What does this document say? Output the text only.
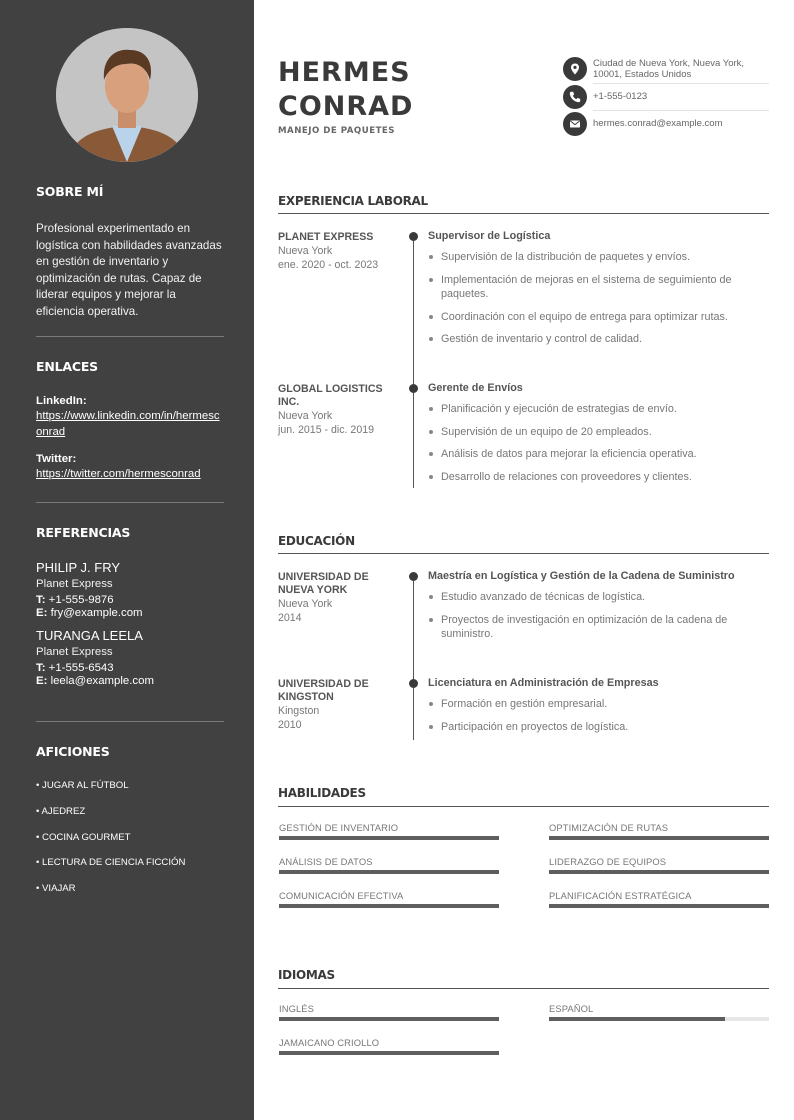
SOBRE MÍ
Profesional experimentado en logística con habilidades avanzadas en gestión de inventario y optimización de rutas. Capaz de liderar equipos y mejorar la eficiencia operativa.
ENLACES
LinkedIn:
https://www.linkedin.com/in/hermesconrad
Twitter:
https://twitter.com/hermesconrad
REFERENCIAS
PHILIP J. FRY
Planet Express
T: +1-555-9876
E: fry@example.com
TURANGA LEELA
Planet Express
T: +1-555-6543
E: leela@example.com
AFICIONES
• JUGAR AL FÚTBOL
• AJEDREZ
• COCINA GOURMET
• LECTURA DE CIENCIA FICCIÓN
• VIAJAR
HERMES
CONRAD
MANEJO DE PAQUETES
Ciudad de Nueva York, Nueva York, 10001, Estados Unidos
+1-555-0123
hermes.conrad@example.com
EXPERIENCIA LABORAL
PLANET EXPRESS
Nueva York
ene. 2020 - oct. 2023
Supervisor de Logística
Supervisión de la distribución de paquetes y envíos.
Implementación de mejoras en el sistema de seguimiento de paquetes.
Coordinación con el equipo de entrega para optimizar rutas.
Gestión de inventario y control de calidad.
GLOBAL LOGISTICS INC.
Nueva York
jun. 2015 - dic. 2019
Gerente de Envíos
Planificación y ejecución de estrategias de envío.
Supervisión de un equipo de 20 empleados.
Análisis de datos para mejorar la eficiencia operativa.
Desarrollo de relaciones con proveedores y clientes.
EDUCACIÓN
UNIVERSIDAD DE NUEVA YORK
Nueva York
2014
Maestría en Logística y Gestión de la Cadena de Suministro
Estudio avanzado de técnicas de logística.
Proyectos de investigación en optimización de la cadena de suministro.
UNIVERSIDAD DE KINGSTON
Kingston
2010
Licenciatura en Administración de Empresas
Formación en gestión empresarial.
Participación en proyectos de logística.
HABILIDADES
GESTIÓN DE INVENTARIO	OPTIMIZACIÓN DE RUTAS
ANÁLISIS DE DATOS	LIDERAZGO DE EQUIPOS
COMUNICACIÓN EFECTIVA	PLANIFICACIÓN ESTRATÉGICA
IDIOMAS
INGLÉS	ESPAÑOL
JAMAICANO CRIOLLO
